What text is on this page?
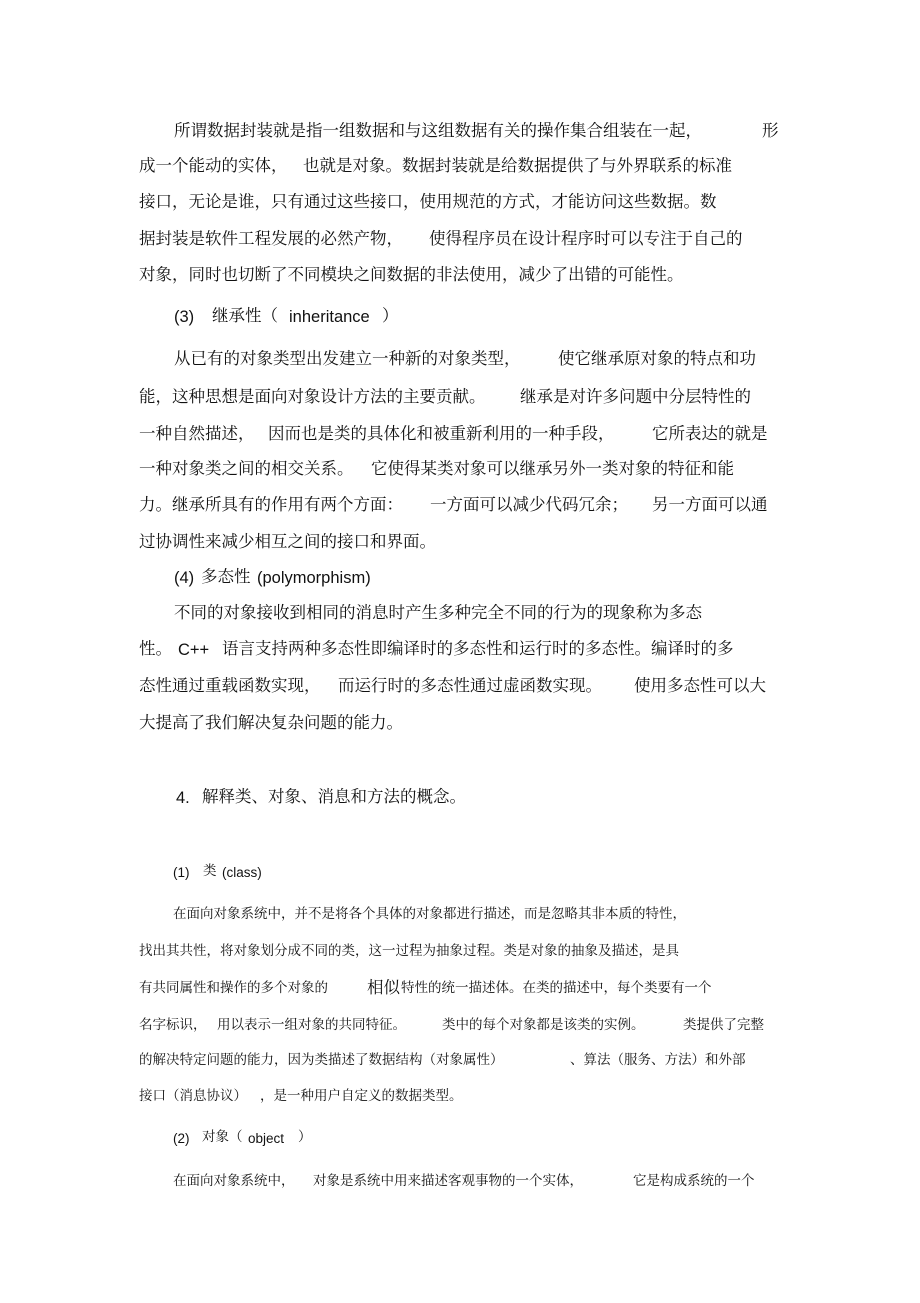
所谓数据封装就是指一组数据和与这组数据有关的操作集合组装在一起，	形
成一个能动的实体， 也就是对象。数据封装就是给数据提供了与外界联系的标准
接口，无论是谁，只有通过这些接口，使用规范的方式，才能访问这些数据。数
据封装是软件工程发展的必然产物， 使得程序员在设计程序时可以专注于自己的
对象，同时也切断了不同模块之间数据的非法使用，减少了出错的可能性。
(3) 继承性（ inheritance ）
从已有的对象类型出发建立一种新的对象类型， 使它继承原对象的特点和功
能，这种思想是面向对象设计方法的主要贡献。 继承是对许多问题中分层特性的
一种自然描述， 因而也是类的具体化和被重新利用的一种手段， 它所表达的就是
一种对象类之间的相交关系。 它使得某类对象可以继承另外一类对象的特征和能
力。继承所具有的作用有两个方面： 一方面可以减少代码冗余； 另一方面可以通
过协调性来减少相互之间的接口和界面。
(4) 多态性 (polymorphism)
不同的对象接收到相同的消息时产生多种完全不同的行为的现象称为多态
性。 C++ 语言支持两种多态性即编译时的多态性和运行时的多态性。编译时的多
态性通过重载函数实现， 而运行时的多态性通过虚函数实现。 使用多态性可以大
大提高了我们解决复杂问题的能力。
4. 解释类、对象、消息和方法的概念。
(1) 类 (class)
在面向对象系统中，并不是将各个具体的对象都进行描述，而是忽略其非本质的特性，
找出其共性，将对象划分成不同的类，这一过程为抽象过程。类是对象的抽象及描述，是具
有共同属性和操作的多个对象的 相似 特性的统一描述体。在类的描述中，每个类要有一个
名字标识， 用以表示一组对象的共同特征。	类中的每个对象都是该类的实例。	类提供了完整
的解决特定问题的能力，因为类描述了数据结构（对象属性）	、算法（服务、方法）和外部
接口（消息协议） ，是一种用户自定义的数据类型。
(2) 对象（ object ）
在面向对象系统中， 对象是系统中用来描述客观事物的一个实体，	它是构成系统的一个
